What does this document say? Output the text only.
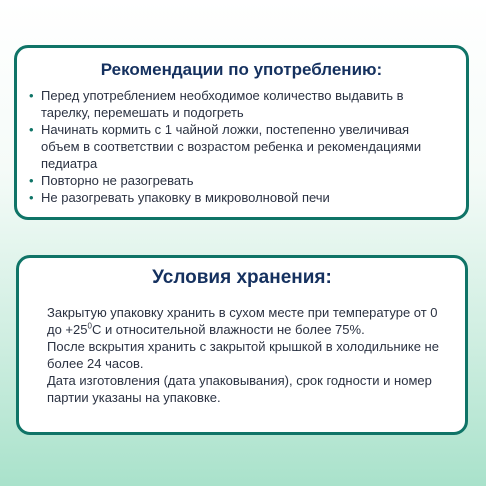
Рекомендации по употреблению:
• Перед употреблением необходимое количество выдавить в тарелку, перемешать и подогреть
• Начинать кормить с 1 чайной ложки, постепенно увеличивая объем в соответствии с возрастом ребенка и рекомендациями педиатра
• Повторно не разогревать
• Не разогревать упаковку в микроволновой печи
Условия хранения:
Закрытую упаковку хранить в сухом месте при температуре от 0 до $+25^0С$ и относительной влажности не более 75%.
После вскрытия хранить с закрытой крышкой в холодильнике не более 24 часов.
Дата изготовления (дата упаковывания), срок годности и номер партии указаны на упаковке.
